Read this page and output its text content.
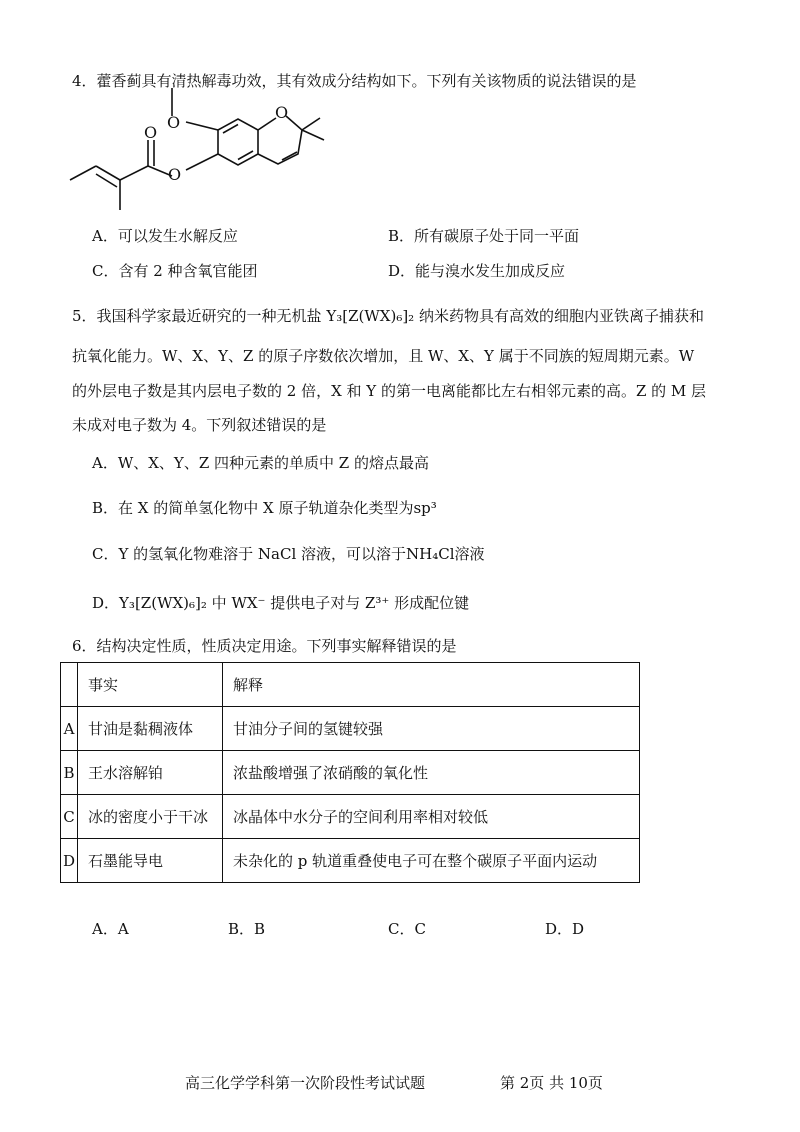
4．藿香蓟具有清热解毒功效，其有效成分结构如下。下列有关该物质的说法错误的是
O
O
O
O
A．可以发生水解反应	B．所有碳原子处于同一平面
C．含有 2 种含氧官能团	D．能与溴水发生加成反应
5．我国科学家最近研究的一种无机盐 Y₃[Z(WX)₆]₂ 纳米药物具有高效的细胞内亚铁离子捕获和
抗氧化能力。W、X、Y、Z 的原子序数依次增加，且 W、X、Y 属于不同族的短周期元素。W
的外层电子数是其内层电子数的 2 倍，X 和 Y 的第一电离能都比左右相邻元素的高。Z 的 M 层
未成对电子数为 4。下列叙述错误的是
A．W、X、Y、Z 四种元素的单质中 Z 的熔点最高
B．在 X 的简单氢化物中 X 原子轨道杂化类型为sp³
C．Y 的氢氧化物难溶于 NaCl 溶液，可以溶于NH₄Cl溶液
D．Y₃[Z(WX)₆]₂ 中 WX⁻ 提供电子对与 Z³⁺ 形成配位键
6．结构决定性质，性质决定用途。下列事实解释错误的是
	事实	解释
A	甘油是黏稠液体	甘油分子间的氢键较强
B	王水溶解铂	浓盐酸增强了浓硝酸的氧化性
C	冰的密度小于干冰	冰晶体中水分子的空间利用率相对较低
D	石墨能导电	未杂化的 p 轨道重叠使电子可在整个碳原子平面内运动
A．A	B．B	C．C	D．D
高三化学学科第一次阶段性考试试题	第 2页 共 10页
